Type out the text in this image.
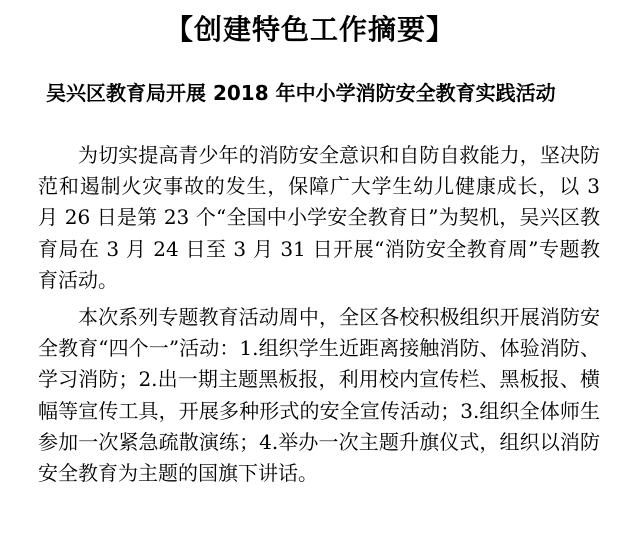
【创建特色工作摘要】
吴兴区教育局开展 2018 年中小学消防安全教育实践活动

为切实提高青少年的消防安全意识和自防自救能力，坚决防范和遏制火灾事故的发生，保障广大学生幼儿健康成长，以 3 月 26 日是第 23 个“全国中小学安全教育日”为契机，吴兴区教育局在 3 月 24 日至 3 月 31 日开展“消防安全教育周”专题教育活动。

本次系列专题教育活动周中，全区各校积极组织开展消防安全教育“四个一”活动：1.组织学生近距离接触消防、体验消防、学习消防；2.出一期主题黑板报，利用校内宣传栏、黑板报、横幅等宣传工具，开展多种形式的安全宣传活动；3.组织全体师生参加一次紧急疏散演练；4.举办一次主题升旗仪式，组织以消防安全教育为主题的国旗下讲话。
